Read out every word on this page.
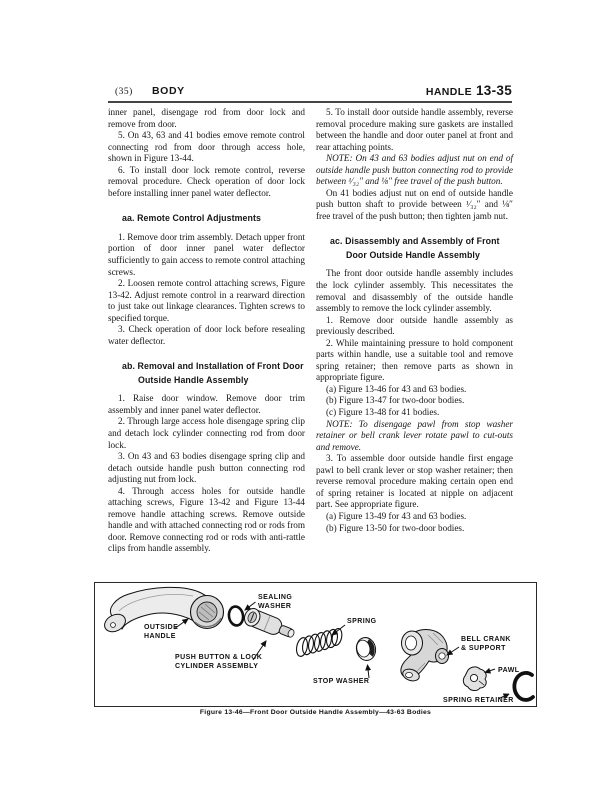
(35) BODY	HANDLE 13-35

inner panel, disengage rod from door lock and remove from door.

5. On 43, 63 and 41 bodies emove remote control connecting rod from door through access hole, shown in Figure 13-44.

6. To install door lock remote control, reverse removal procedure. Check operation of door lock before installing inner panel water deflector.

aa. Remote Control Adjustments

1. Remove door trim assembly. Detach upper front portion of door inner panel water deflector sufficiently to gain access to remote control attaching screws.

2. Loosen remote control attaching screws, Figure 13-42. Adjust remote control in a rearward direction to just take out linkage clearances. Tighten screws to specified torque.

3. Check operation of door lock before resealing water deflector.

ab. Removal and Installation of Front Door Outside Handle Assembly

1. Raise door window. Remove door trim assembly and inner panel water deflector.

2. Through large access hole disengage spring clip and detach lock cylinder connecting rod from door lock.

3. On 43 and 63 bodies disengage spring clip and detach outside handle push button connecting rod adjusting nut from lock.

4. Through access holes for outside handle attaching screws, Figure 13-42 and Figure 13-44 remove handle attaching screws. Remove outside handle and with attached connecting rod or rods from door. Remove connecting rod or rods with anti-rattle clips from handle assembly.

5. To install door outside handle assembly, reverse removal procedure making sure gaskets are installed between the handle and door outer panel at front and rear attaching points.

NOTE: On 43 and 63 bodies adjust nut on end of outside handle push button connecting rod to provide between ¹⁄₃₂″ and ⅛″ free travel of the push button.

On 41 bodies adjust nut on end of outside handle push button shaft to provide between ¹⁄₃₂″ and ⅛″ free travel of the push button; then tighten jamb nut.

ac. Disassembly and Assembly of Front Door Outside Handle Assembly

The front door outside handle assembly includes the lock cylinder assembly. This necessitates the removal and disassembly of the outside handle assembly to remove the lock cylinder assembly.

1. Remove door outside handle assembly as previously described.

2. While maintaining pressure to hold component parts within handle, use a suitable tool and remove spring retainer; then remove parts as shown in appropriate figure.

(a) Figure 13-46 for 43 and 63 bodies.

(b) Figure 13-47 for two-door bodies.

(c) Figure 13-48 for 41 bodies.

NOTE: To disengage pawl from stop washer retainer or bell crank lever rotate pawl to cut-outs and remove.

3. To assemble door outside handle first engage pawl to bell crank lever or stop washer retainer; then reverse removal procedure making certain open end of spring retainer is located at nipple on adjacent part. See appropriate figure.

(a) Figure 13-49 for 43 and 63 bodies.

(b) Figure 13-50 for two-door bodies.

SEALING
WASHER
OUTSIDE
HANDLE
PUSH BUTTON & LOCK
CYLINDER ASSEMBLY
SPRING
STOP WASHER
BELL CRANK
& SUPPORT
PAWL
SPRING RETAINER
Figure 13-46—Front Door Outside Handle Assembly—43-63 Bodies
